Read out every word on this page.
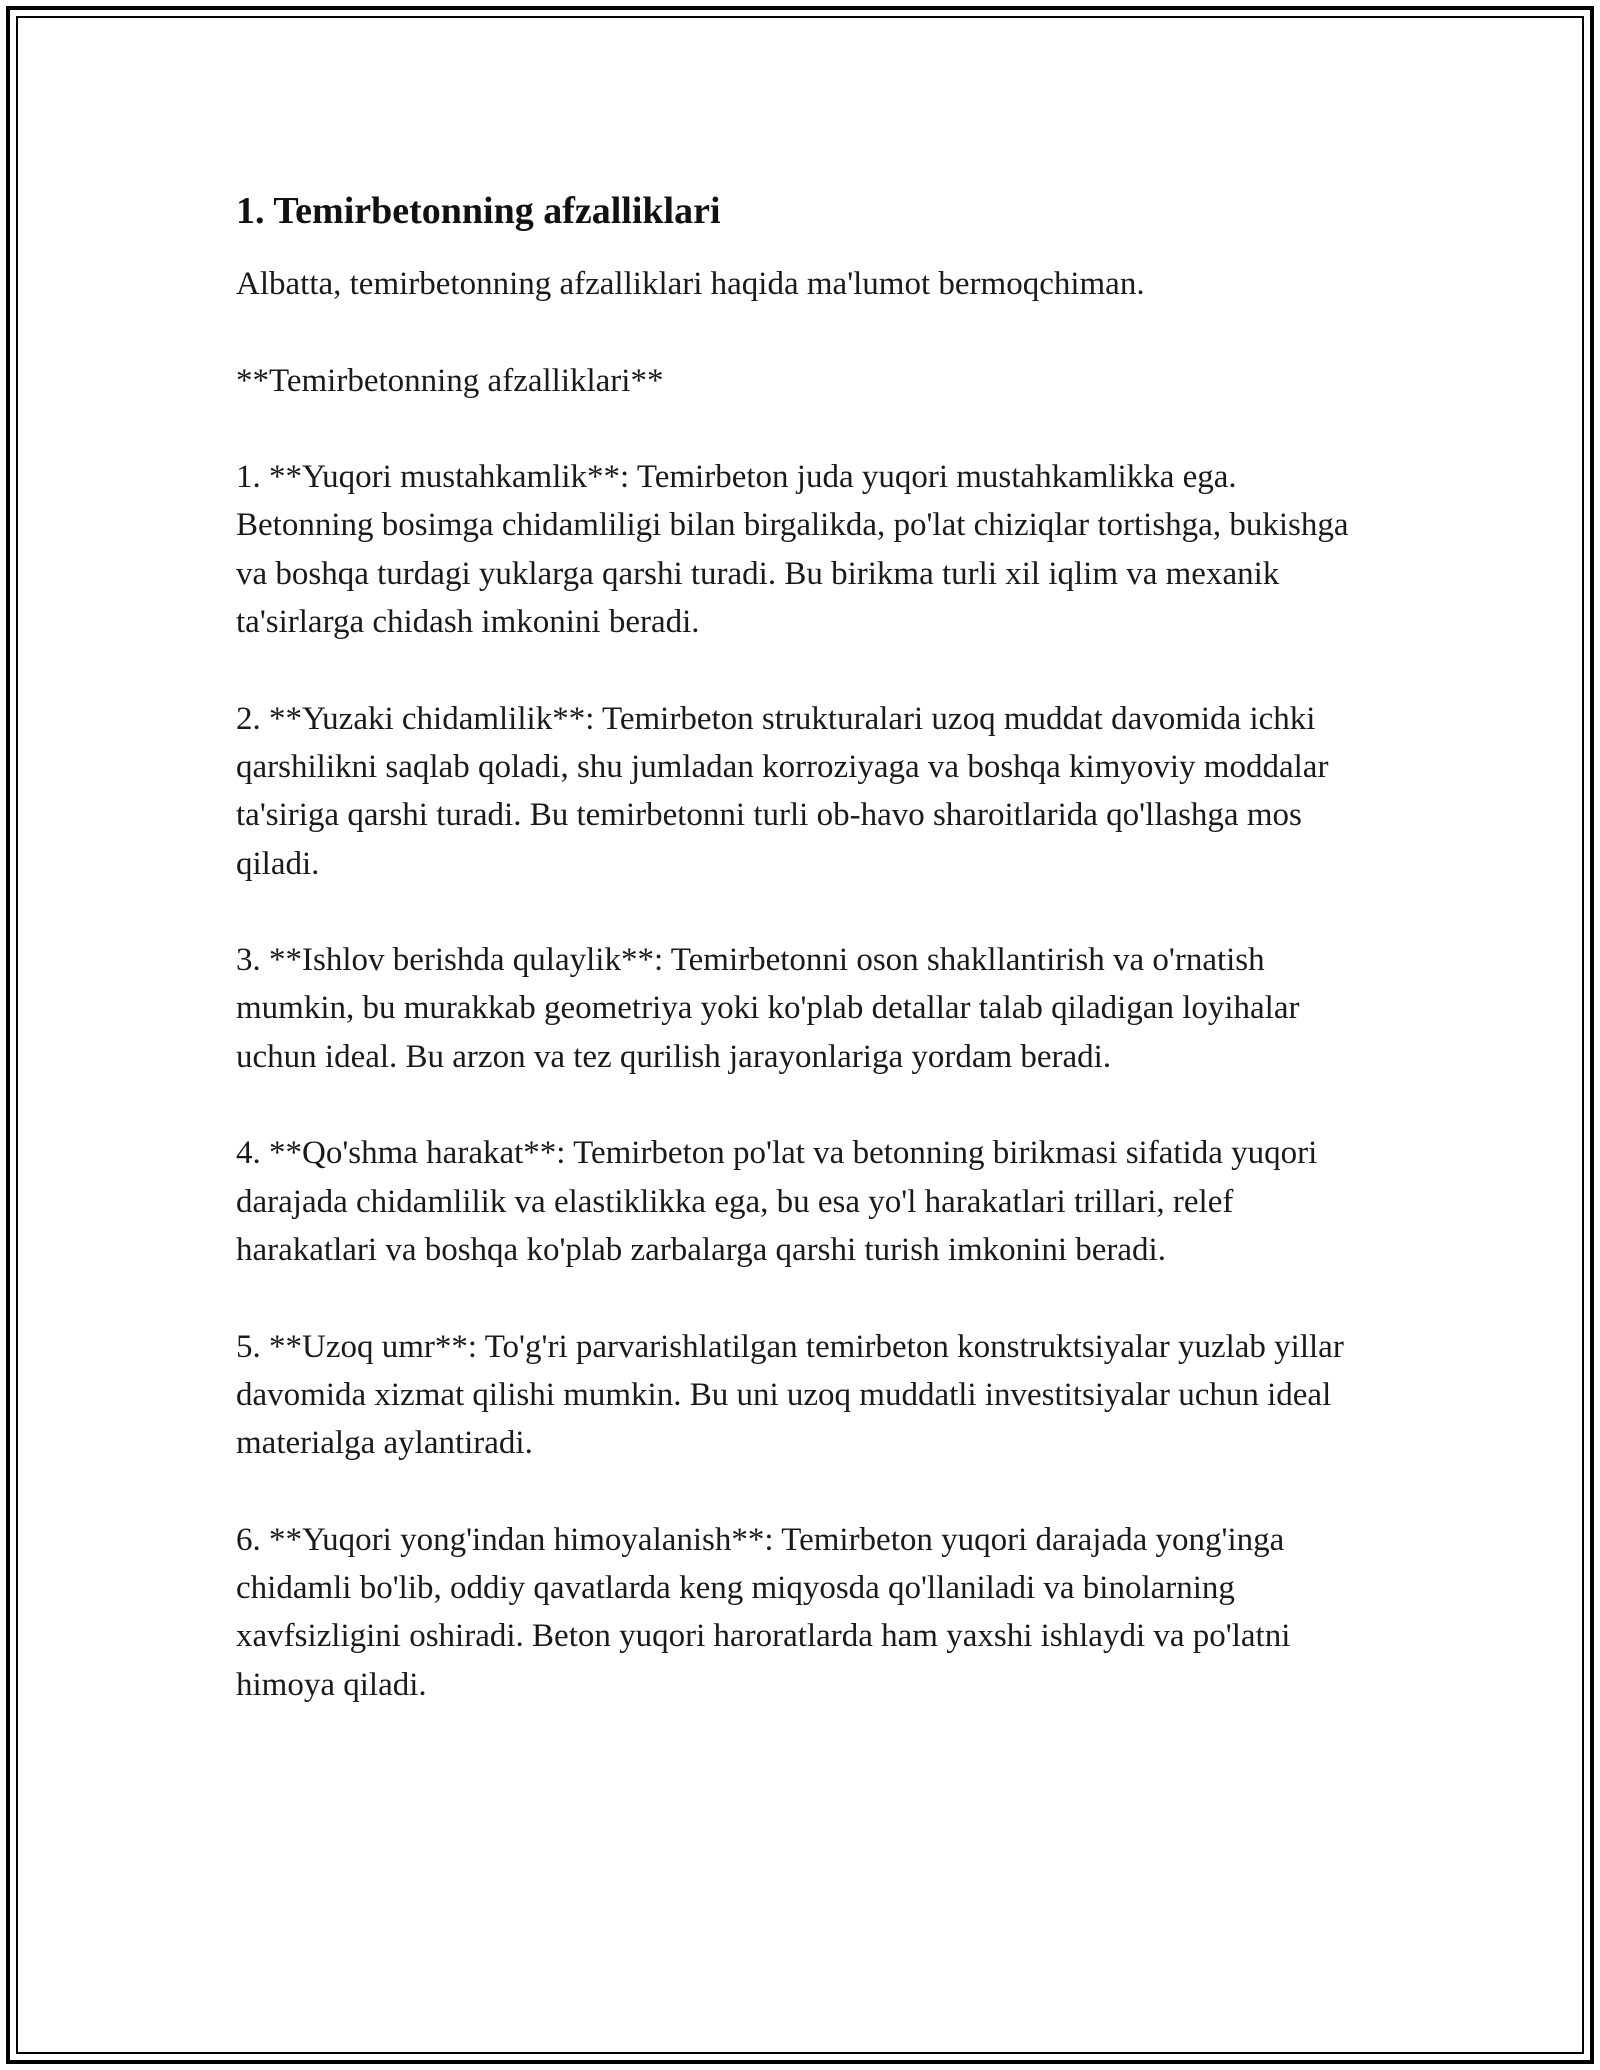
1. Temirbetonning afzalliklari

Albatta, temirbetonning afzalliklari haqida ma'lumot bermoqchiman.

**Temirbetonning afzalliklari**

1. **Yuqori mustahkamlik**: Temirbeton juda yuqori mustahkamlikka ega. Betonning bosimga chidamliligi bilan birgalikda, po'lat chiziqlar tortishga, bukishga va boshqa turdagi yuklarga qarshi turadi. Bu birikma turli xil iqlim va mexanik ta'sirlarga chidash imkonini beradi.

2. **Yuzaki chidamlilik**: Temirbeton strukturalari uzoq muddat davomida ichki qarshilikni saqlab qoladi, shu jumladan korroziyaga va boshqa kimyoviy moddalar ta'siriga qarshi turadi. Bu temirbetonni turli ob-havo sharoitlarida qo'llashga mos qiladi.

3. **Ishlov berishda qulaylik**: Temirbetonni oson shakllantirish va o'rnatish mumkin, bu murakkab geometriya yoki ko'plab detallar talab qiladigan loyihalar uchun ideal. Bu arzon va tez qurilish jarayonlariga yordam beradi.

4. **Qo'shma harakat**: Temirbeton po'lat va betonning birikmasi sifatida yuqori darajada chidamlilik va elastiklikka ega, bu esa yo'l harakatlari trillari, relef harakatlari va boshqa ko'plab zarbalarga qarshi turish imkonini beradi.

5. **Uzoq umr**: To'g'ri parvarishlatilgan temirbeton konstruktsiyalar yuzlab yillar davomida xizmat qilishi mumkin. Bu uni uzoq muddatli investitsiyalar uchun ideal materialga aylantiradi.

6. **Yuqori yong'indan himoyalanish**: Temirbeton yuqori darajada yong'inga chidamli bo'lib, oddiy qavatlarda keng miqyosda qo'llaniladi va binolarning xavfsizligini oshiradi. Beton yuqori haroratlarda ham yaxshi ishlaydi va po'latni himoya qiladi.
